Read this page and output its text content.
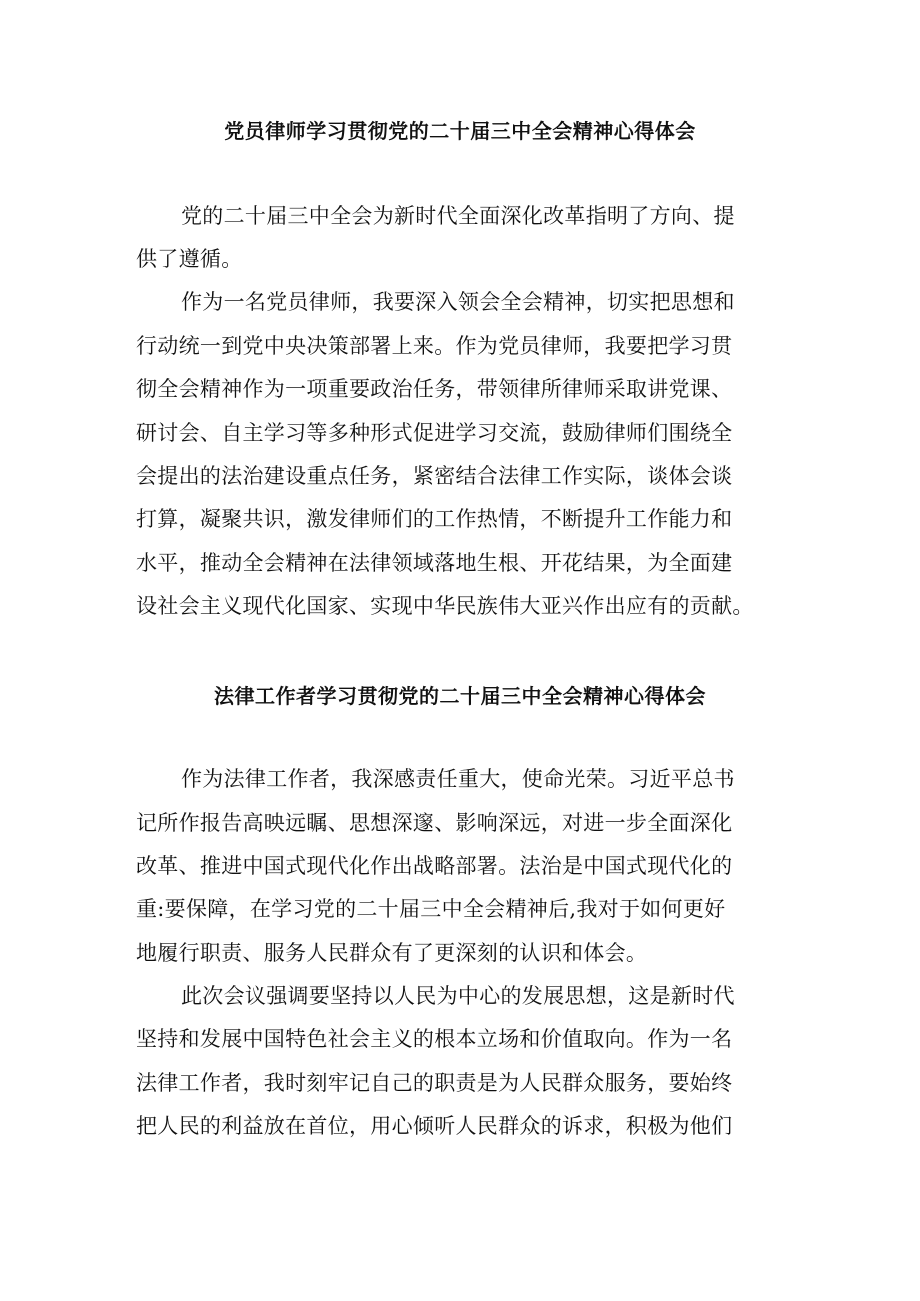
党员律师学习贯彻党的二十届三中全会精神心得体会

党的二十届三中全会为新时代全面深化改革指明了方向、提

供了遵循。

作为一名党员律师，我要深入领会全会精神，切实把思想和

行动统一到党中央决策部署上来。作为党员律师，我要把学习贯

彻全会精神作为一项重要政治任务，带领律所律师采取讲党课、

研讨会、自主学习等多种形式促进学习交流，鼓励律师们围绕全

会提出的法治建设重点任务，紧密结合法律工作实际，谈体会谈

打算，凝聚共识，激发律师们的工作热情，不断提升工作能力和

水平，推动全会精神在法律领域落地生根、开花结果，为全面建

设社会主义现代化国家、实现中华民族伟大亚兴作出应有的贡献。

法律工作者学习贯彻党的二十届三中全会精神心得体会

作为法律工作者，我深感责任重大，使命光荣。习近平总书

记所作报告高映远瞩、思想深邃、影响深远，对进一步全面深化

改革、推进中国式现代化作出战略部署。法治是中国式现代化的

重:要保障，在学习党的二十届三中全会精神后,我对于如何更好

地履行职责、服务人民群众有了更深刻的认识和体会。

此次会议强调要坚持以人民为中心的发展思想，这是新时代

坚持和发展中国特色社会主义的根本立场和价值取向。作为一名

法律工作者，我时刻牢记自己的职责是为人民群众服务，要始终

把人民的利益放在首位，用心倾听人民群众的诉求，积极为他们
